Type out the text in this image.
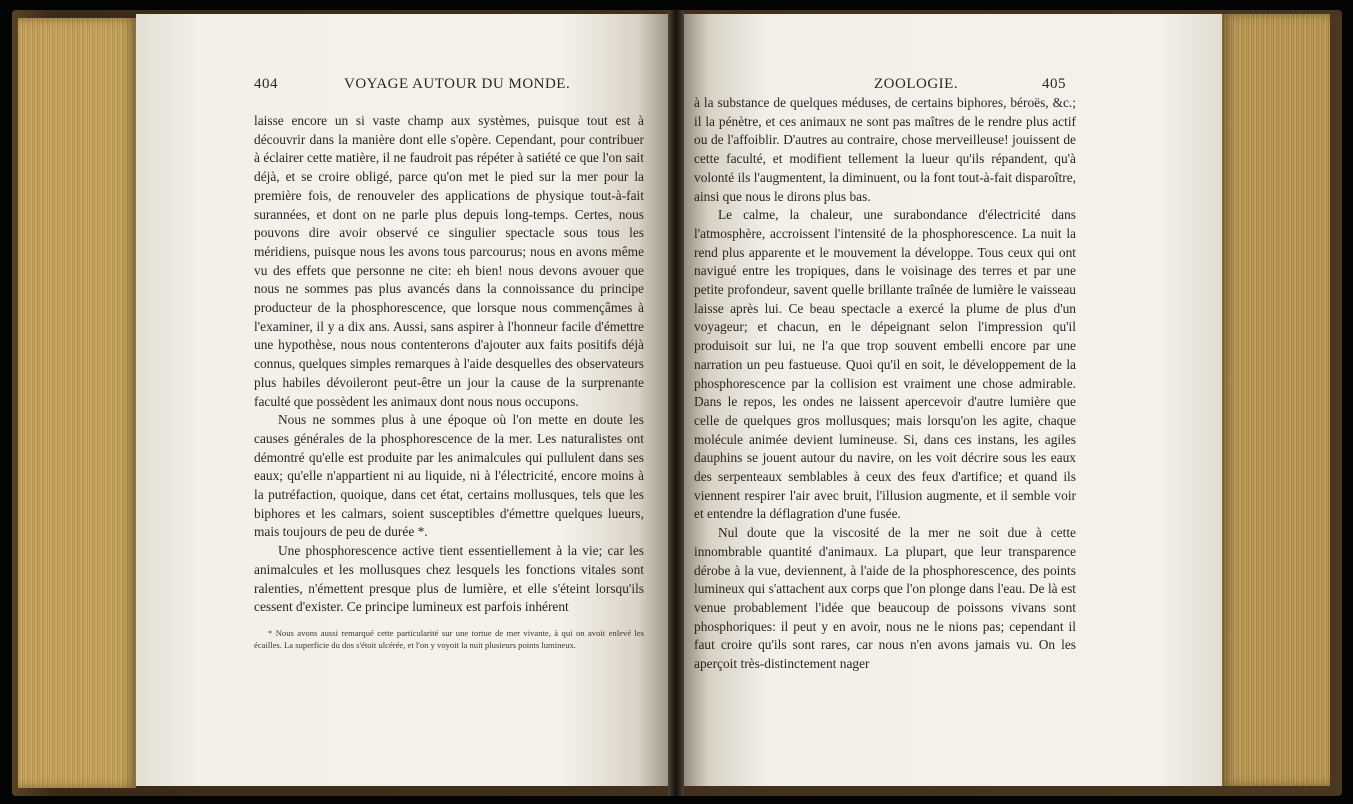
404	VOYAGE AUTOUR DU MONDE.	ZOOLOGIE.	405

laisse encore un si vaste champ aux systèmes, puisque tout est à découvrir dans la manière dont elle s'opère. Cependant, pour contribuer à éclairer cette matière, il ne faudroit pas répéter à satiété ce que l'on sait déjà, et se croire obligé, parce qu'on met le pied sur la mer pour la première fois, de renouveler des applications de physique tout-à-fait surannées, et dont on ne parle plus depuis long-temps. Certes, nous pouvons dire avoir observé ce singulier spectacle sous tous les méridiens, puisque nous les avons tous parcourus; nous en avons même vu des effets que personne ne cite: eh bien! nous devons avouer que nous ne sommes pas plus avancés dans la connoissance du principe producteur de la phosphorescence, que lorsque nous commençâmes à l'examiner, il y a dix ans. Aussi, sans aspirer à l'honneur facile d'émettre une hypothèse, nous nous contenterons d'ajouter aux faits positifs déjà connus, quelques simples remarques à l'aide desquelles des observateurs plus habiles dévoileront peut-être un jour la cause de la surprenante faculté que possèdent les animaux dont nous nous occupons.

Nous ne sommes plus à une époque où l'on mette en doute les causes générales de la phosphorescence de la mer. Les naturalistes ont démontré qu'elle est produite par les animalcules qui pullulent dans ses eaux; qu'elle n'appartient ni au liquide, ni à l'électricité, encore moins à la putréfaction, quoique, dans cet état, certains mollusques, tels que les biphores et les calmars, soient susceptibles d'émettre quelques lueurs, mais toujours de peu de durée *.

Une phosphorescence active tient essentiellement à la vie; car les animalcules et les mollusques chez lesquels les fonctions vitales sont ralenties, n'émettent presque plus de lumière, et elle s'éteint lorsqu'ils cessent d'exister. Ce principe lumineux est parfois inhérent

* Nous avons aussi remarqué cette particularité sur une tortue de mer vivante, à qui on avoit enlevé les écailles. La superficie du dos s'étoit ulcérée, et l'on y voyoit la nuit plusieurs points lumineux.

à la substance de quelques méduses, de certains biphores, béroës, &c.; il la pénètre, et ces animaux ne sont pas maîtres de le rendre plus actif ou de l'affoiblir. D'autres au contraire, chose merveilleuse! jouissent de cette faculté, et modifient tellement la lueur qu'ils répandent, qu'à volonté ils l'augmentent, la diminuent, ou la font tout-à-fait disparoître, ainsi que nous le dirons plus bas.

Le calme, la chaleur, une surabondance d'électricité dans l'atmosphère, accroissent l'intensité de la phosphorescence. La nuit la rend plus apparente et le mouvement la développe. Tous ceux qui ont navigué entre les tropiques, dans le voisinage des terres et par une petite profondeur, savent quelle brillante traînée de lumière le vaisseau laisse après lui. Ce beau spectacle a exercé la plume de plus d'un voyageur; et chacun, en le dépeignant selon l'impression qu'il produisoit sur lui, ne l'a que trop souvent embelli encore par une narration un peu fastueuse. Quoi qu'il en soit, le développement de la phosphorescence par la collision est vraiment une chose admirable. Dans le repos, les ondes ne laissent apercevoir d'autre lumière que celle de quelques gros mollusques; mais lorsqu'on les agite, chaque molécule animée devient lumineuse. Si, dans ces instans, les agiles dauphins se jouent autour du navire, on les voit décrire sous les eaux des serpenteaux semblables à ceux des feux d'artifice; et quand ils viennent respirer l'air avec bruit, l'illusion augmente, et il semble voir et entendre la déflagration d'une fusée.

Nul doute que la viscosité de la mer ne soit due à cette innombrable quantité d'animaux. La plupart, que leur transparence dérobe à la vue, deviennent, à l'aide de la phosphorescence, des points lumineux qui s'attachent aux corps que l'on plonge dans l'eau. De là est venue probablement l'idée que beaucoup de poissons vivans sont phosphoriques: il peut y en avoir, nous ne le nions pas; cependant il faut croire qu'ils sont rares, car nous n'en avons jamais vu. On les aperçoit très-distinctement nager
